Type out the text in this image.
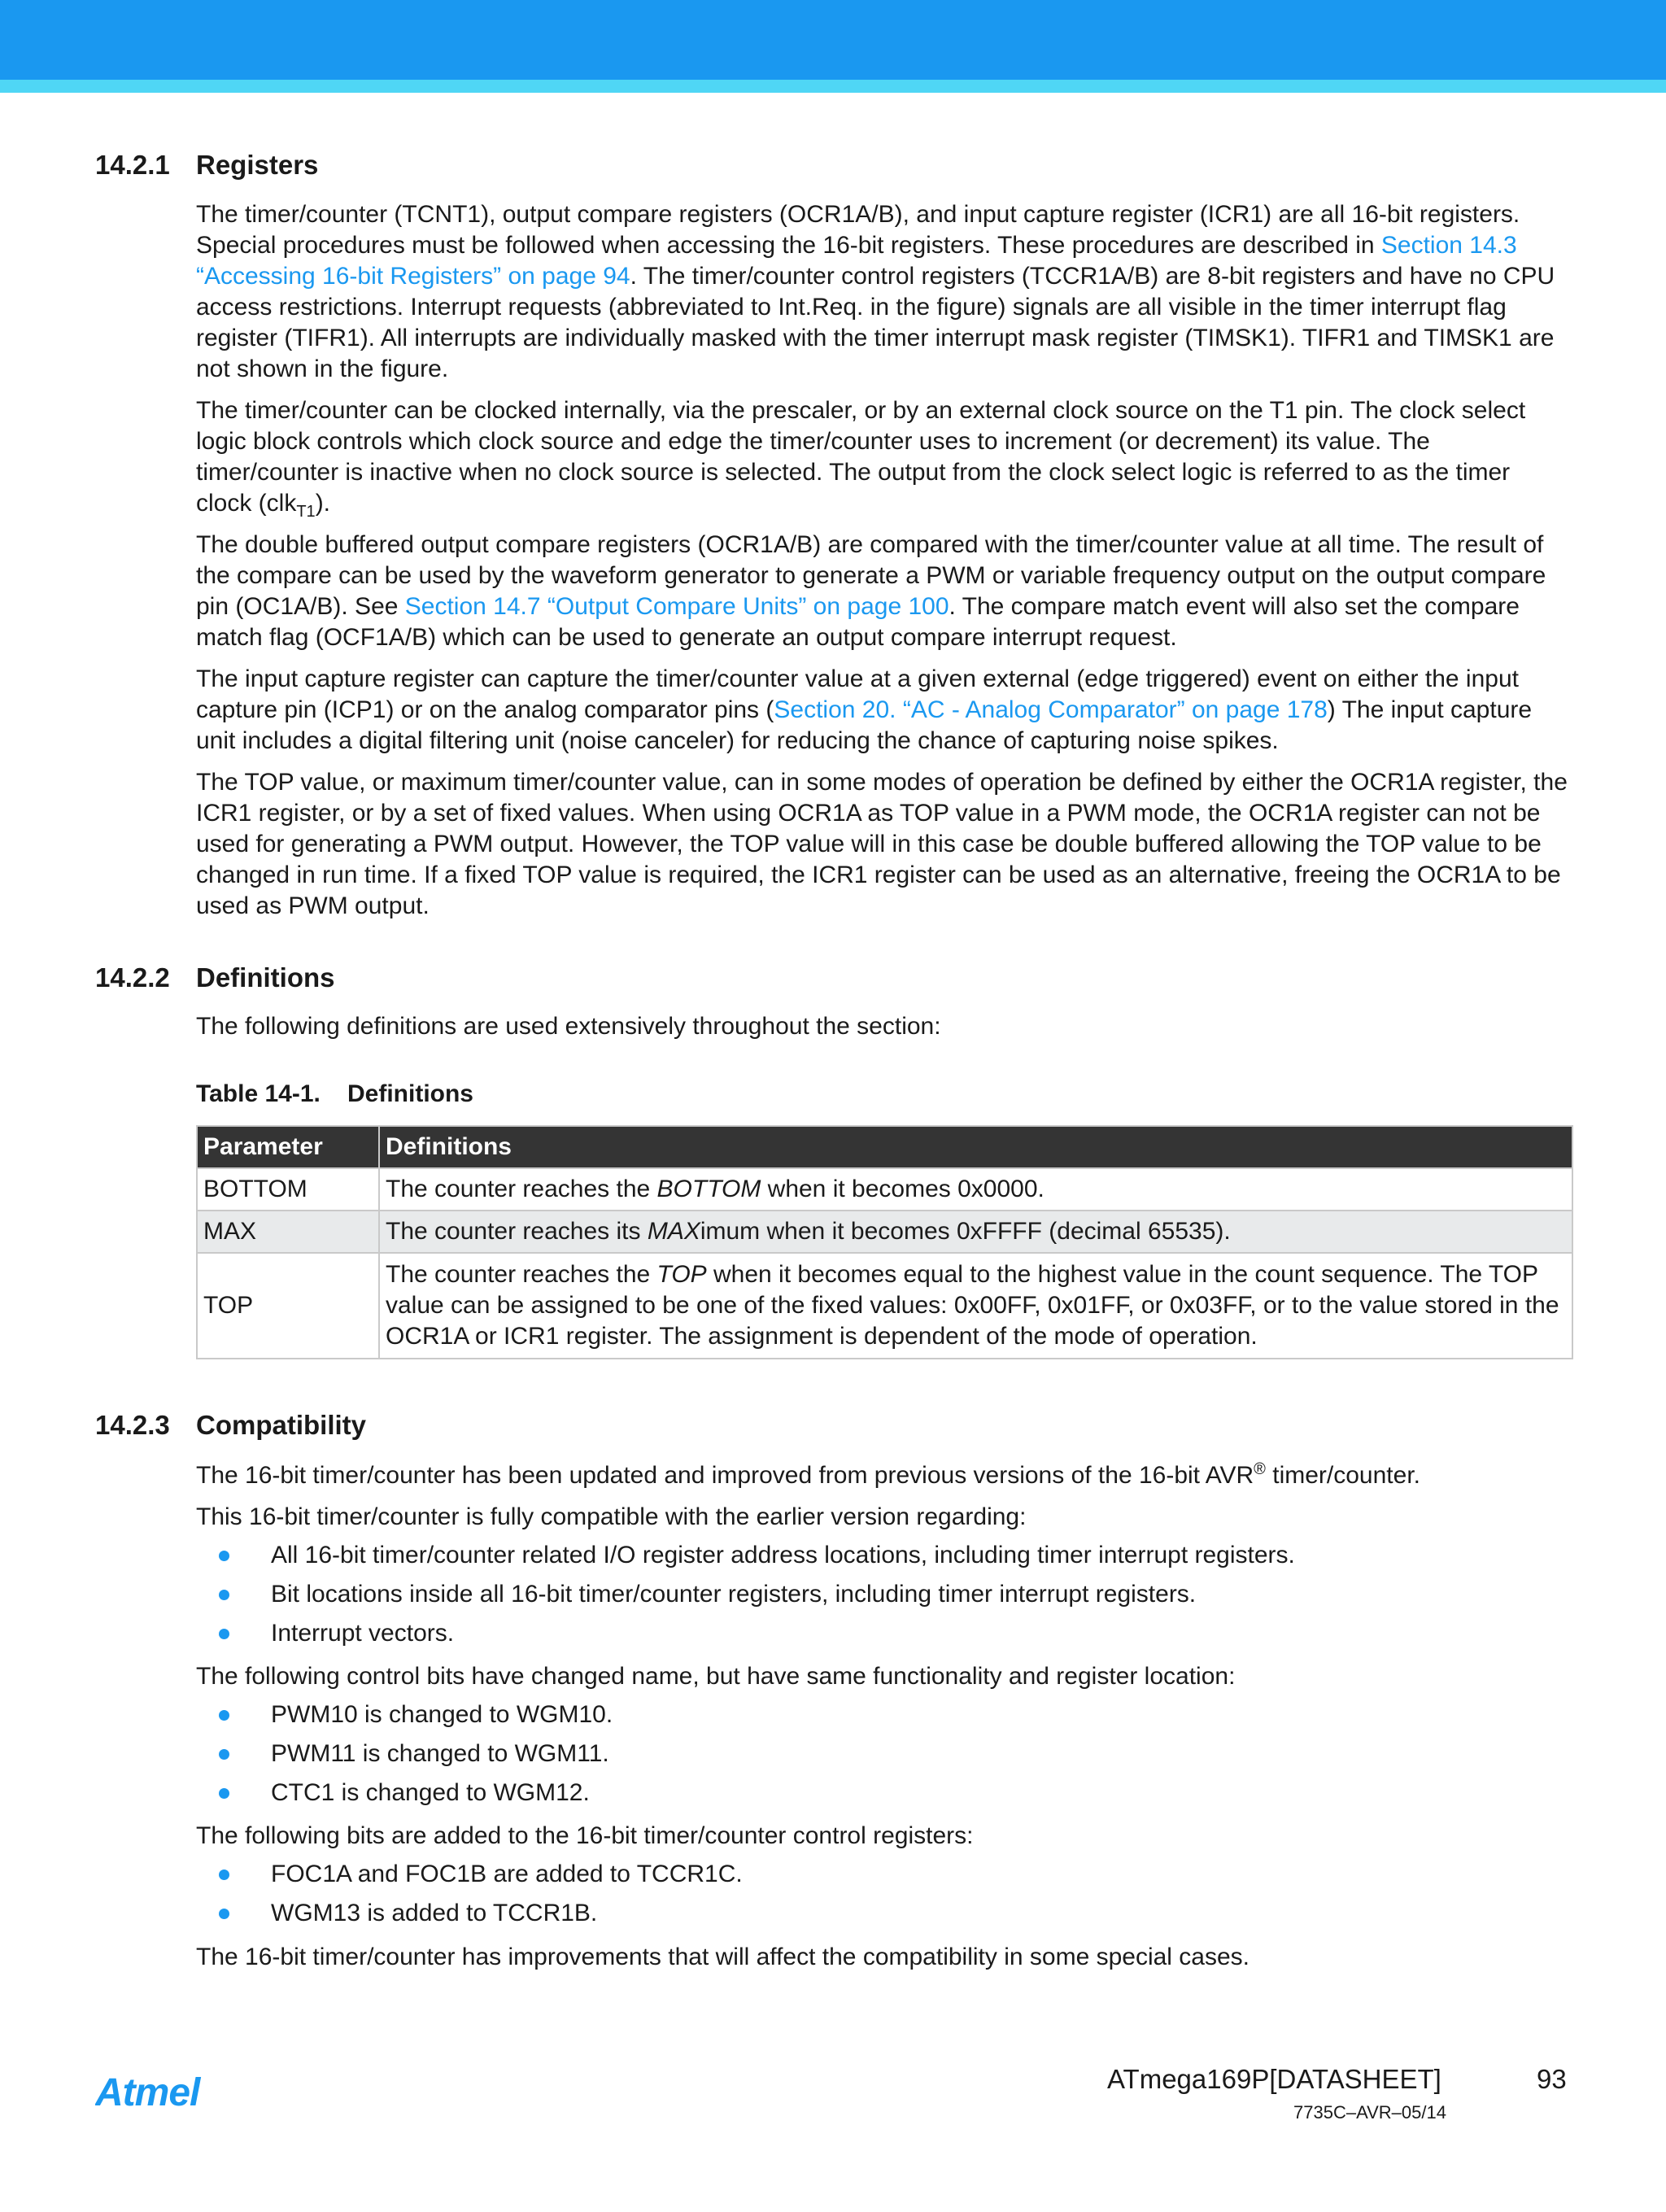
14.2.1 Registers

The timer/counter (TCNT1), output compare registers (OCR1A/B), and input capture register (ICR1) are all 16-bit registers. Special procedures must be followed when accessing the 16-bit registers. These procedures are described in Section 14.3 “Accessing 16-bit Registers” on page 94. The timer/counter control registers (TCCR1A/B) are 8-bit registers and have no CPU access restrictions. Interrupt requests (abbreviated to Int.Req. in the figure) signals are all visible in the timer interrupt flag register (TIFR1). All interrupts are individually masked with the timer interrupt mask register (TIMSK1). TIFR1 and TIMSK1 are not shown in the figure.

The timer/counter can be clocked internally, via the prescaler, or by an external clock source on the T1 pin. The clock select logic block controls which clock source and edge the timer/counter uses to increment (or decrement) its value. The timer/counter is inactive when no clock source is selected. The output from the clock select logic is referred to as the timer clock (clk$_{T1}$).

The double buffered output compare registers (OCR1A/B) are compared with the timer/counter value at all time. The result of the compare can be used by the waveform generator to generate a PWM or variable frequency output on the output compare pin (OC1A/B). See Section 14.7 “Output Compare Units” on page 100. The compare match event will also set the compare match flag (OCF1A/B) which can be used to generate an output compare interrupt request.

The input capture register can capture the timer/counter value at a given external (edge triggered) event on either the input capture pin (ICP1) or on the analog comparator pins (Section 20. “AC - Analog Comparator” on page 178) The input capture unit includes a digital filtering unit (noise canceler) for reducing the chance of capturing noise spikes.

The TOP value, or maximum timer/counter value, can in some modes of operation be defined by either the OCR1A register, the ICR1 register, or by a set of fixed values. When using OCR1A as TOP value in a PWM mode, the OCR1A register can not be used for generating a PWM output. However, the TOP value will in this case be double buffered allowing the TOP value to be changed in run time. If a fixed TOP value is required, the ICR1 register can be used as an alternative, freeing the OCR1A to be used as PWM output.

14.2.2 Definitions

The following definitions are used extensively throughout the section:

Table 14-1. Definitions

Parameter	Definitions
BOTTOM	The counter reaches the BOTTOM when it becomes 0x0000.
MAX	The counter reaches its MAXimum when it becomes 0xFFFF (decimal 65535).
TOP	The counter reaches the TOP when it becomes equal to the highest value in the count sequence. The TOP value can be assigned to be one of the fixed values: 0x00FF, 0x01FF, or 0x03FF, or to the value stored in the OCR1A or ICR1 register. The assignment is dependent of the mode of operation.
14.2.3 Compatibility

The 16-bit timer/counter has been updated and improved from previous versions of the 16-bit AVR® timer/counter.

This 16-bit timer/counter is fully compatible with the earlier version regarding:

All 16-bit timer/counter related I/O register address locations, including timer interrupt registers.
Bit locations inside all 16-bit timer/counter registers, including timer interrupt registers.
Interrupt vectors.

The following control bits have changed name, but have same functionality and register location:

PWM10 is changed to WGM10.
PWM11 is changed to WGM11.
CTC1 is changed to WGM12.

The following bits are added to the 16-bit timer/counter control registers:

FOC1A and FOC1B are added to TCCR1C.
WGM13 is added to TCCR1B.

The 16-bit timer/counter has improvements that will affect the compatibility in some special cases.

Atmel	ATmega169P[DATASHEET]	93
7735C–AVR–05/14
